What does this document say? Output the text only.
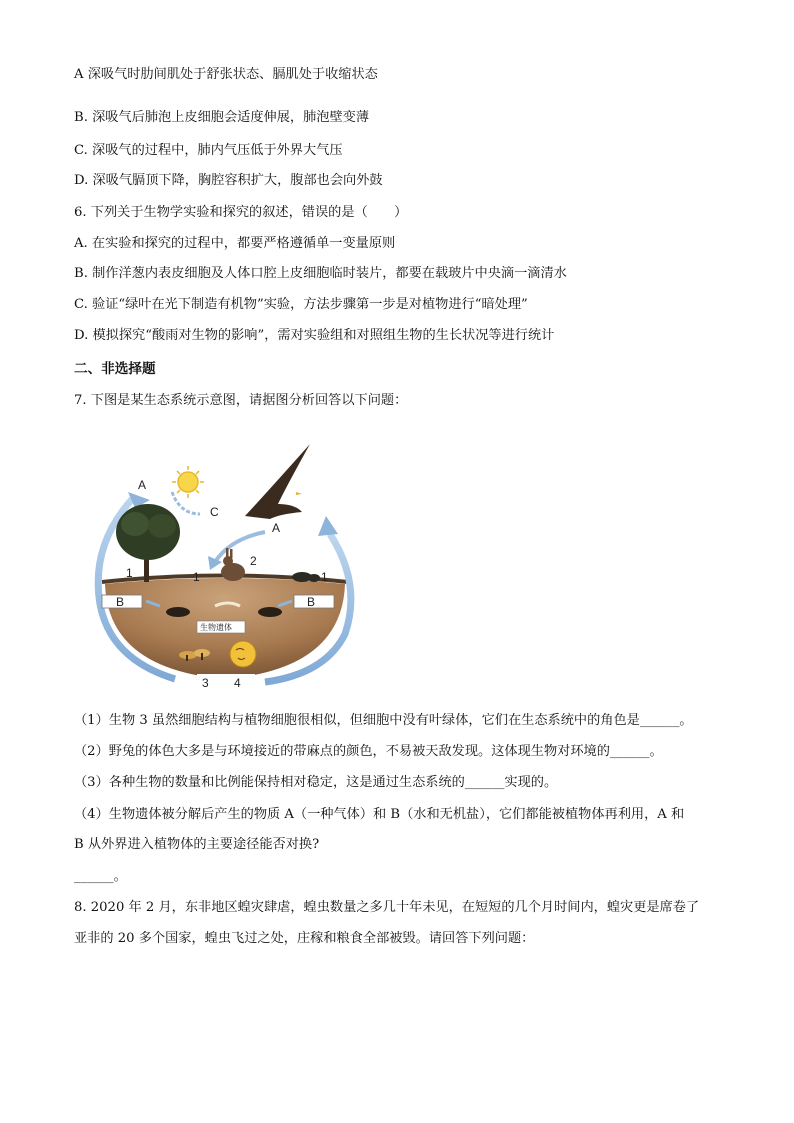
A 深吸气时肋间肌处于舒张状态、膈肌处于收缩状态
B. 深吸气后肺泡上皮细胞会适度伸展，肺泡壁变薄
C. 深吸气的过程中，肺内气压低于外界大气压
D. 深吸气膈顶下降，胸腔容积扩大，腹部也会向外鼓
6. 下列关于生物学实验和探究的叙述，错误的是（　　）
A. 在实验和探究的过程中，都要严格遵循单一变量原则
B. 制作洋葱内表皮细胞及人体口腔上皮细胞临时装片，都要在载玻片中央滴一滴清水
C. 验证“绿叶在光下制造有机物”实验，方法步骤第一步是对植物进行“暗处理”
D. 模拟探究“酸雨对生物的影响”，需对实验组和对照组生物的生长状况等进行统计
二、非选择题
7. 下图是某生态系统示意图，请据图分析回答以下问题：
A
A
C
1	1	1
2
B	B
生物遗体
3 4
（1）生物 3 虽然细胞结构与植物细胞很相似，但细胞中没有叶绿体，它们在生态系统中的角色是______。
（2）野兔的体色大多是与环境接近的带麻点的颜色，不易被天敌发现。这体现生物对环境的______。
（3）各种生物的数量和比例能保持相对稳定，这是通过生态系统的______实现的。
（4）生物遗体被分解后产生的物质 A（一种气体）和 B（水和无机盐），它们都能被植物体再利用，A 和
B 从外界进入植物体的主要途径能否对换?
______。
8. 2020 年 2 月，东非地区蝗灾肆虐，蝗虫数量之多几十年未见，在短短的几个月时间内，蝗灾更是席卷了
亚非的 20 多个国家，蝗虫飞过之处，庄稼和粮食全部被毁。请回答下列问题：
